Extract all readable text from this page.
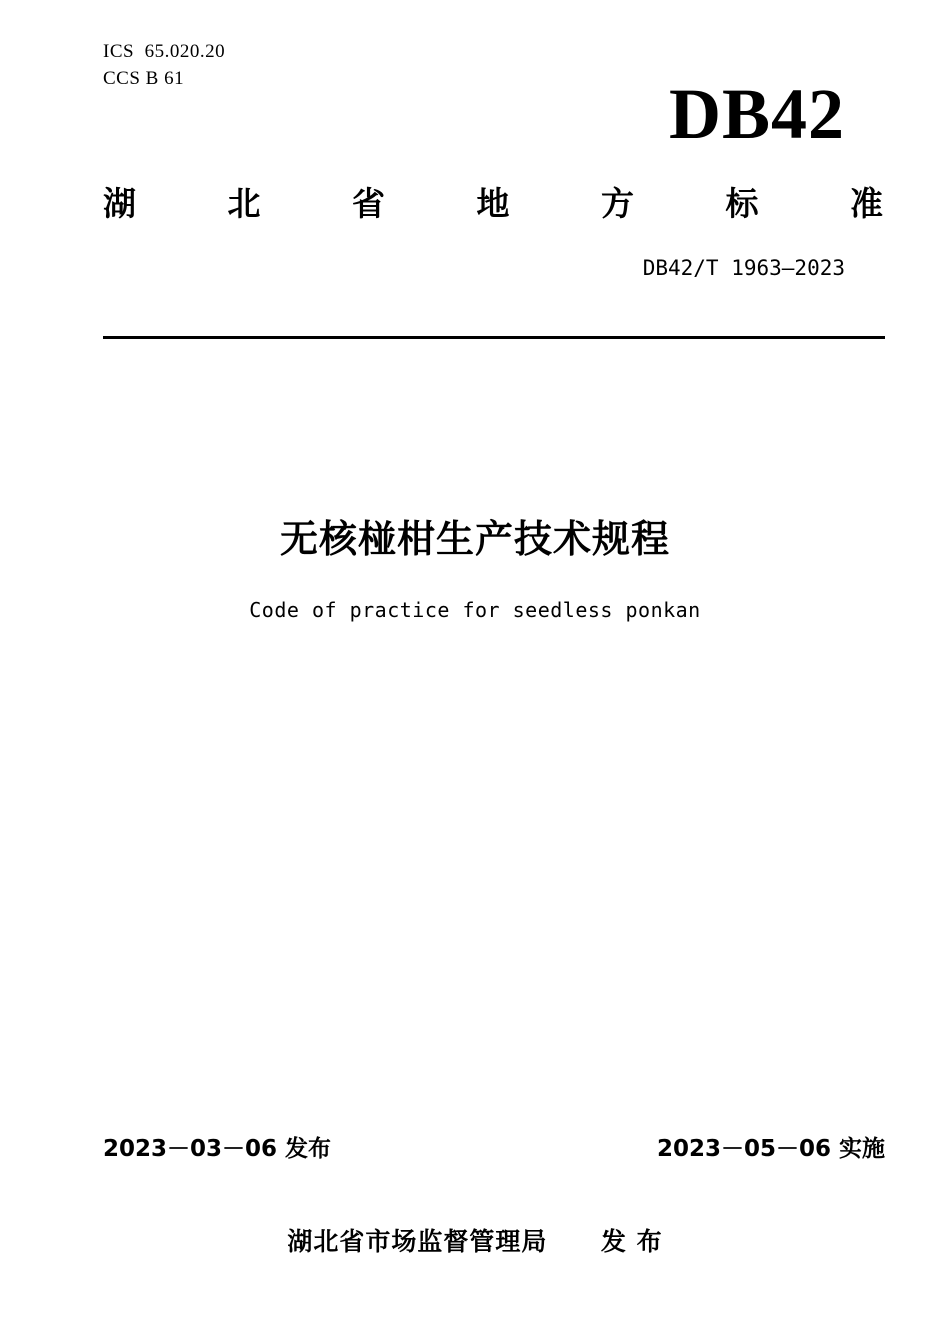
ICS  65.020.20
CCS B 61	DB42
湖	北	省	地	方	标	准
DB42/T 1963—2023
无核椪柑生产技术规程
Code of practice for seedless ponkan
2023－03－06 发布	2023－05－06 实施
湖北省市场监督管理局 发 布
